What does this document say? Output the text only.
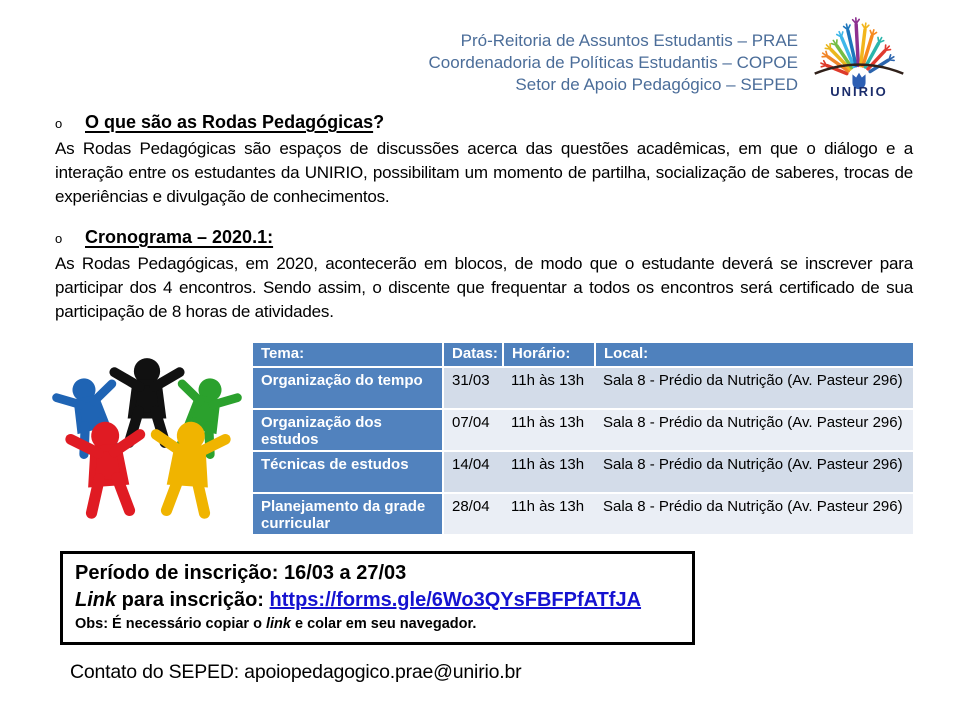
Pró-Reitoria de Assuntos Estudantis – PRAE
Coordenadoria de Políticas Estudantis – COPOE
Setor de Apoio Pedagógico – SEPED	UNIRIO
o	O que são as Rodas Pedagógicas?

As Rodas Pedagógicas são espaços de discussões acerca das questões acadêmicas, em que o diálogo e a interação entre os estudantes da UNIRIO, possibilitam um momento de partilha, socialização de saberes, trocas de experiências e divulgação de conhecimentos.

o	Cronograma – 2020.1:

As Rodas Pedagógicas, em 2020, acontecerão em blocos, de modo que o estudante deverá se inscrever para participar dos 4 encontros. Sendo assim, o discente que frequentar a todos os encontros será certificado de sua participação de 8 horas de atividades.

Tema:	Datas:	Horário:	Local:
Organização do tempo	31/03	11h às 13h	Sala 8 - Prédio da Nutrição (Av. Pasteur 296)
Organização dos estudos	07/04	11h às 13h	Sala 8 - Prédio da Nutrição (Av. Pasteur 296)
Técnicas de estudos	14/04	11h às 13h	Sala 8 - Prédio da Nutrição (Av. Pasteur 296)
Planejamento da grade curricular	28/04	11h às 13h	Sala 8 - Prédio da Nutrição (Av. Pasteur 296)
Período de inscrição: 16/03 a 27/03
Link para inscrição: https://forms.gle/6Wo3QYsFBFPfATfJA
Obs: É necessário copiar o link e colar em seu navegador.
Contato do SEPED: apoiopedagogico.prae@unirio.br
